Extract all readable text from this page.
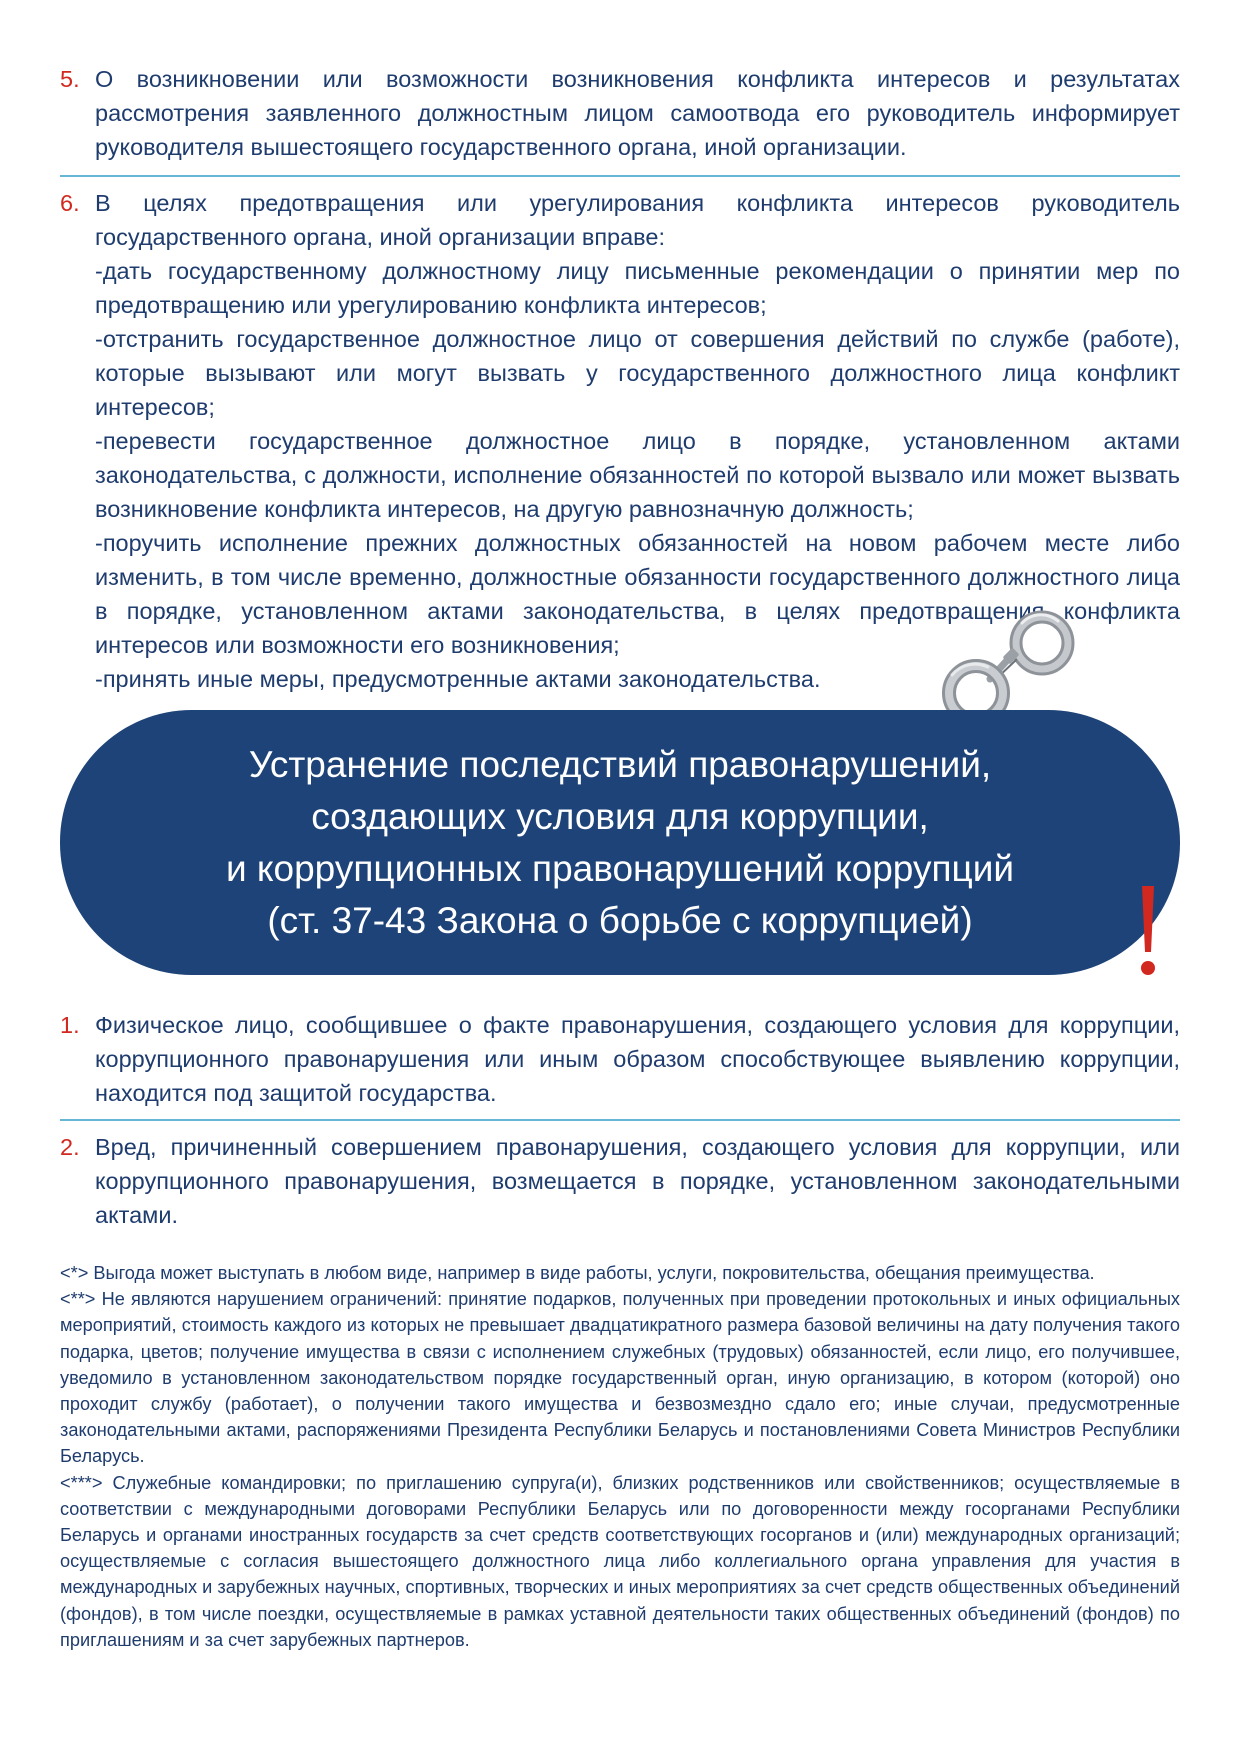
5. О возникновении или возможности возникновения конфликта интересов и результатах рассмотрения заявленного должностным лицом самоотвода его руководитель информирует руководителя вышестоящего государственного органа, иной организации.

6. В целях предотвращения или урегулирования конфликта интересов руководитель государственного органа, иной организации вправе:

-дать государственному должностному лицу письменные рекомендации о принятии мер по предотвращению или урегулированию конфликта интересов;

-отстранить государственное должностное лицо от совершения действий по службе (работе), которые вызывают или могут вызвать у государственного должностного лица конфликт интересов;

-перевести государственное должностное лицо в порядке, установленном актами законодательства, с должности, исполнение обязанностей по которой вызвало или может вызвать возникновение конфликта интересов, на другую равнозначную должность;

-поручить исполнение прежних должностных обязанностей на новом рабочем месте либо изменить, в том числе временно, должностные обязанности государственного должностного лица в порядке, установленном актами законодательства, в целях предотвращения конфликта интересов или возможности его возникновения;

-принять иные меры, предусмотренные актами законодательства.

Устранение последствий правонарушений,
создающих условия для коррупции,
и коррупционных правонарушений коррупций
(ст. 37-43 Закона о борьбе с коррупцией)
1. Физическое лицо, сообщившее о факте правонарушения, создающего условия для коррупции, коррупционного правонарушения или иным образом способствующее выявлению коррупции, находится под защитой государства.

2. Вред, причиненный совершением правонарушения, создающего условия для коррупции, или коррупционного правонарушения, возмещается в порядке, установленном законодательными актами.

<*> Выгода может выступать в любом виде, например в виде работы, услуги, покровительства, обещания преимущества.

<**> Не являются нарушением ограничений: принятие подарков, полученных при проведении протокольных и иных официальных мероприятий, стоимость каждого из которых не превышает двадцатикратного размера базовой величины на дату получения такого подарка, цветов; получение имущества в связи с исполнением служебных (трудовых) обязанностей, если лицо, его получившее, уведомило в установленном законодательством порядке государственный орган, иную организацию, в котором (которой) оно проходит службу (работает), о получении такого имущества и безвозмездно сдало его; иные случаи, предусмотренные законодательными актами, распоряжениями Президента Республики Беларусь и постановлениями Совета Министров Республики Беларусь.

<***> Служебные командировки; по приглашению супруга(и), близких родственников или свойственников; осуществляемые в соответствии с международными договорами Республики Беларусь или по договоренности между госорганами Республики Беларусь и органами иностранных государств за счет средств соответствующих госорганов и (или) международных организаций; осуществляемые с согласия вышестоящего должностного лица либо коллегиального органа управления для участия в международных и зарубежных научных, спортивных, творческих и иных мероприятиях за счет средств общественных объединений (фондов), в том числе поездки, осуществляемые в рамках уставной деятельности таких общественных объединений (фондов) по приглашениям и за счет зарубежных партнеров.
